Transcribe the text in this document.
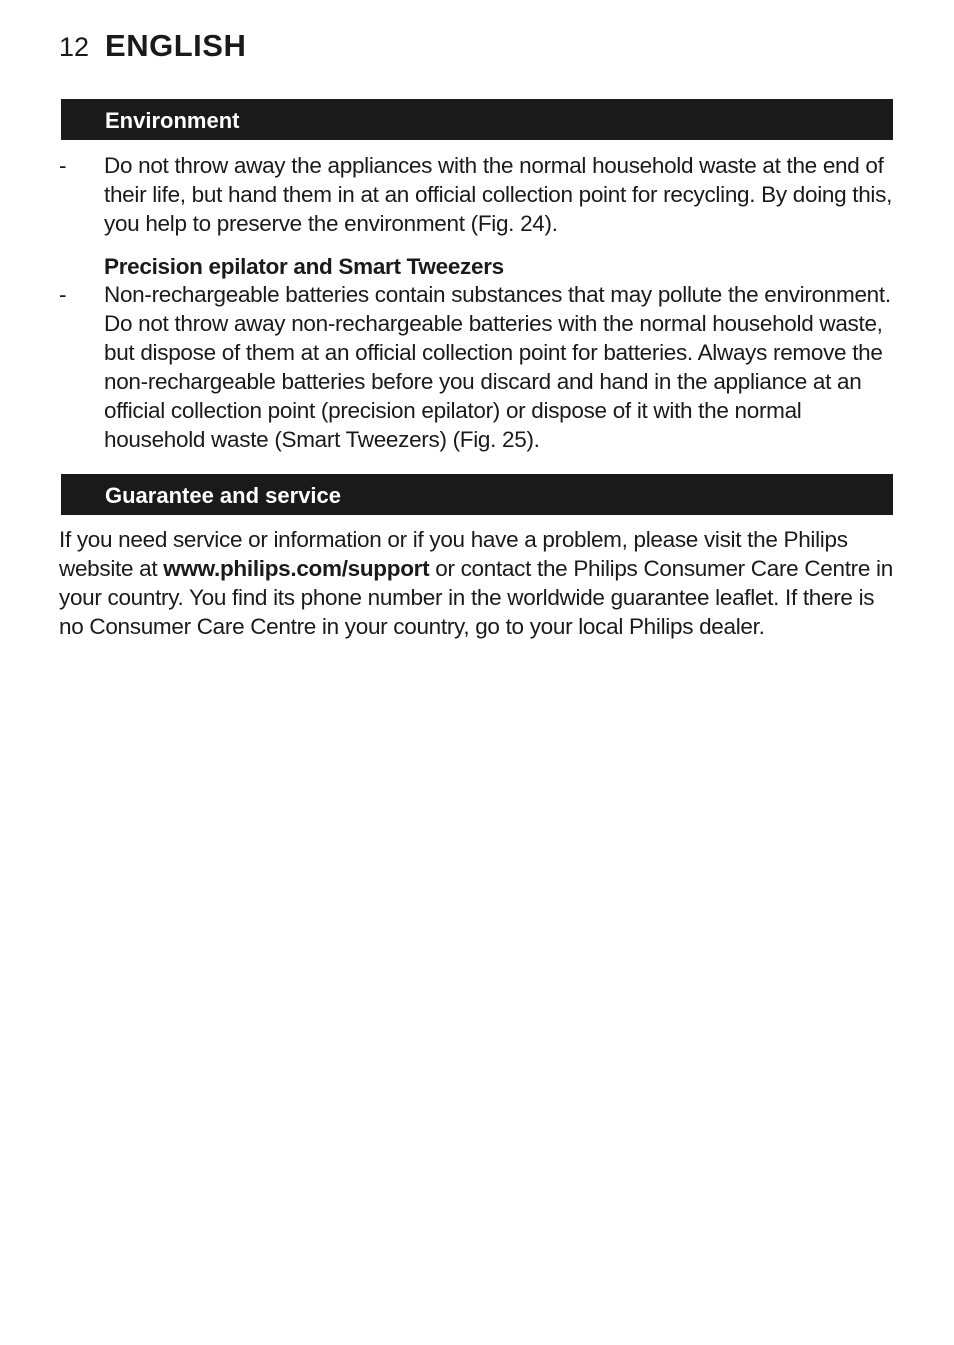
12 ENGLISH
Environment
- Do not throw away the appliances with the normal household waste at the end of their life, but hand them in at an official collection point for recycling. By doing this, you help to preserve the environment (Fig. 24).

Precision epilator and Smart Tweezers

- Non-rechargeable batteries contain substances that may pollute the environment. Do not throw away non-rechargeable batteries with the normal household waste, but dispose of them at an official collection point for batteries. Always remove the non-rechargeable batteries before you discard and hand in the appliance at an official collection point (precision epilator) or dispose of it with the normal household waste (Smart Tweezers) (Fig. 25).

Guarantee and service

If you need service or information or if you have a problem, please visit the Philips website at www.philips.com/support or contact the Philips Consumer Care Centre in your country. You find its phone number in the worldwide guarantee leaflet. If there is no Consumer Care Centre in your country, go to your local Philips dealer.
